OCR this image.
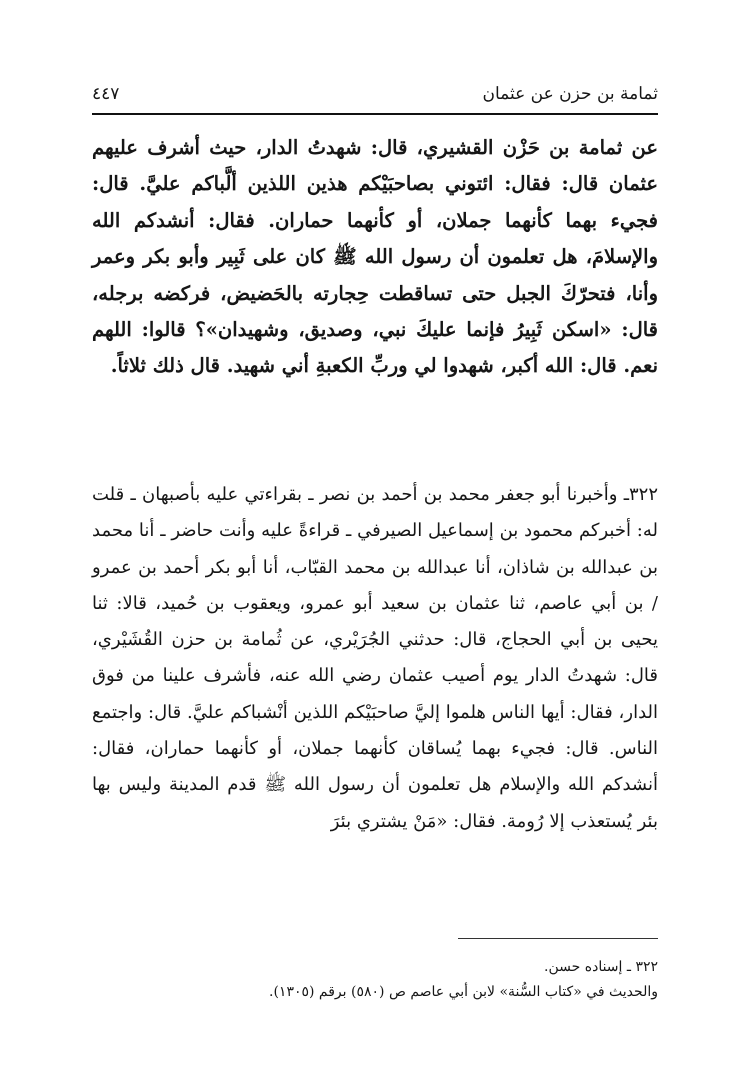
ثمامة بن حزن عن عثمان
٤٤٧

عن ثمامة بن حَزْن القشيري، قال: شهدتُ الدار، حيث أشرف عليهم عثمان قال: فقال: ائتوني بصاحبَيْكم هذين اللذين ألَّباكم عليَّ. قال: فجيء بهما كأنهما جملان، أو كأنهما حماران. فقال: أنشدكم الله والإسلامَ، هل تعلمون أن رسول الله ﷺ كان على ثَبِير وأبو بكر وعمر وأنا، فتحرّكَ الجبل حتى تساقطت حِجارته بالحَضيض، فركضه برجله، قال: «اسكن ثَبِيرُ فإنما عليكَ نبي، وصديق، وشهيدان»؟ قالوا: اللهم نعم. قال: الله أكبر، شهدوا لي وربِّ الكعبةِ أني شهيد. قال ذلك ثلاثاً.

٣٢٢ـ وأخبرنا أبو جعفر محمد بن أحمد بن نصر ـ بقراءتي عليه بأصبهان ـ قلت له: أخبركم محمود بن إسماعيل الصيرفي ـ قراءةً عليه وأنت حاضر ـ أنا محمد بن عبدالله بن شاذان، أنا عبدالله بن محمد القبّاب، أنا أبو بكر أحمد بن عمرو / بن أبي عاصم، ثنا عثمان بن سعيد أبو عمرو، ويعقوب بن حُميد، قالا: ثنا يحيى بن أبي الحجاج، قال: حدثني الجُرَيْري، عن ثُمامة بن حزن القُشَيْري، قال: شهدتُ الدار يوم أصيب عثمان رضي الله عنه، فأشرف علينا من فوق الدار، فقال: أيها الناس هلموا إليَّ صاحبَيْكم اللذين أنْشباكم عليَّ. قال: واجتمع الناس. قال: فجيء بهما يُساقان كأنهما جملان، أو كأنهما حماران، فقال: أنشدكم الله والإسلام هل تعلمون أن رسول الله ﷺ قدم المدينة وليس بها بئر يُستعذب إلا رُومة. فقال: «مَنْ يشتري بئرَ

٣٢٢ ـ إسناده حسن.

والحديث في «كتاب السُّنة» لابن أبي عاصم ص (٥٨٠) برقم (١٣٠٥).
